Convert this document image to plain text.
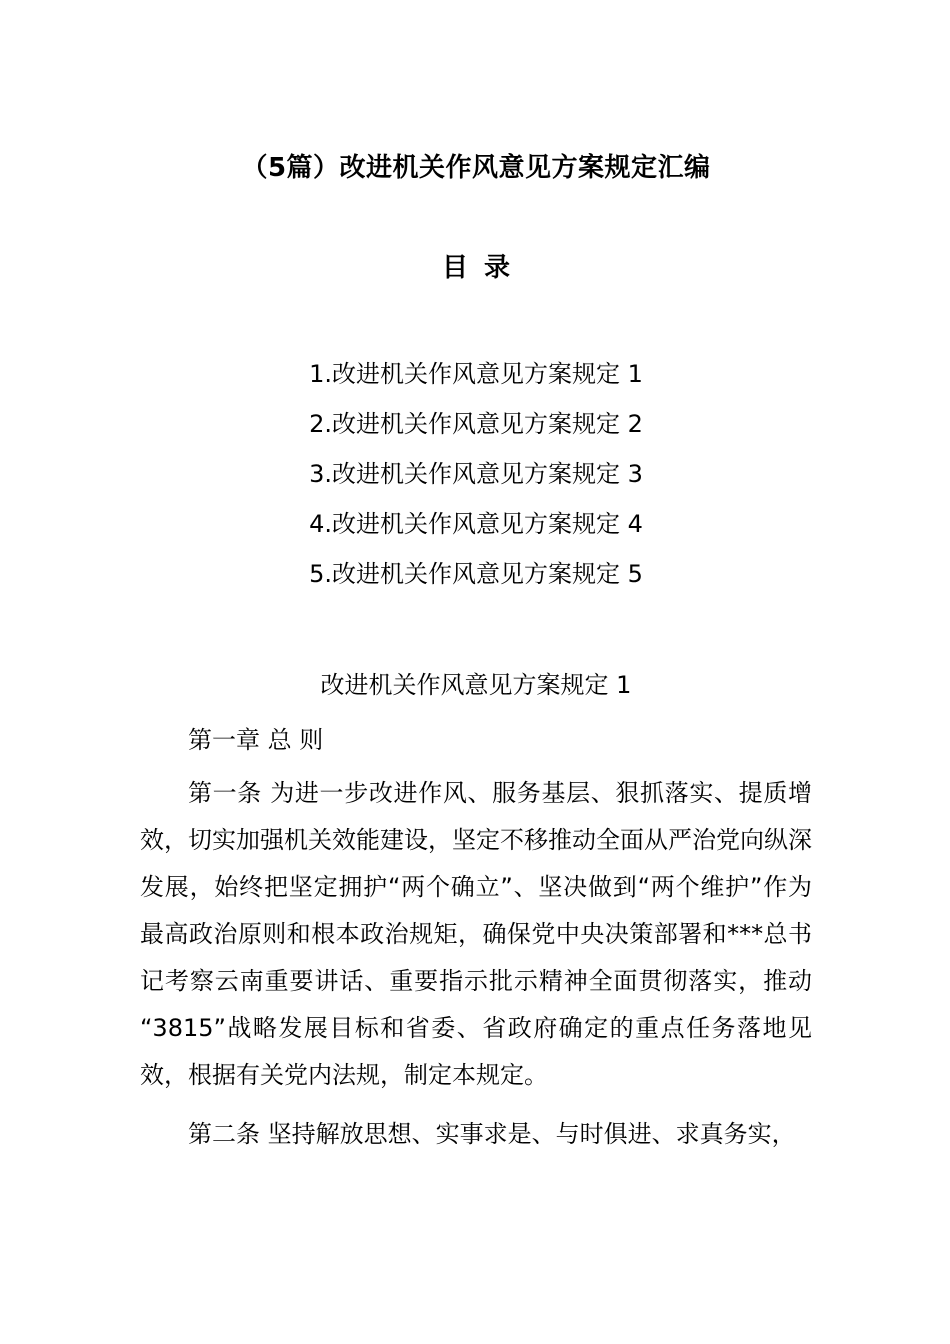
（5篇）改进机关作风意见方案规定汇编
目 录
1.改进机关作风意见方案规定 1
2.改进机关作风意见方案规定 2
3.改进机关作风意见方案规定 3
4.改进机关作风意见方案规定 4
5.改进机关作风意见方案规定 5
改进机关作风意见方案规定 1

第一章 总 则

第一条 为进一步改进作风、服务基层、狠抓落实、提质增效，切实加强机关效能建设，坚定不移推动全面从严治党向纵深发展，始终把坚定拥护“两个确立”、坚决做到“两个维护”作为最高政治原则和根本政治规矩，确保党中央决策部署和***总书记考察云南重要讲话、重要指示批示精神全面贯彻落实，推动“3815”战略发展目标和省委、省政府确定的重点任务落地见效，根据有关党内法规，制定本规定。

第二条 坚持解放思想、实事求是、与时俱进、求真务实，
